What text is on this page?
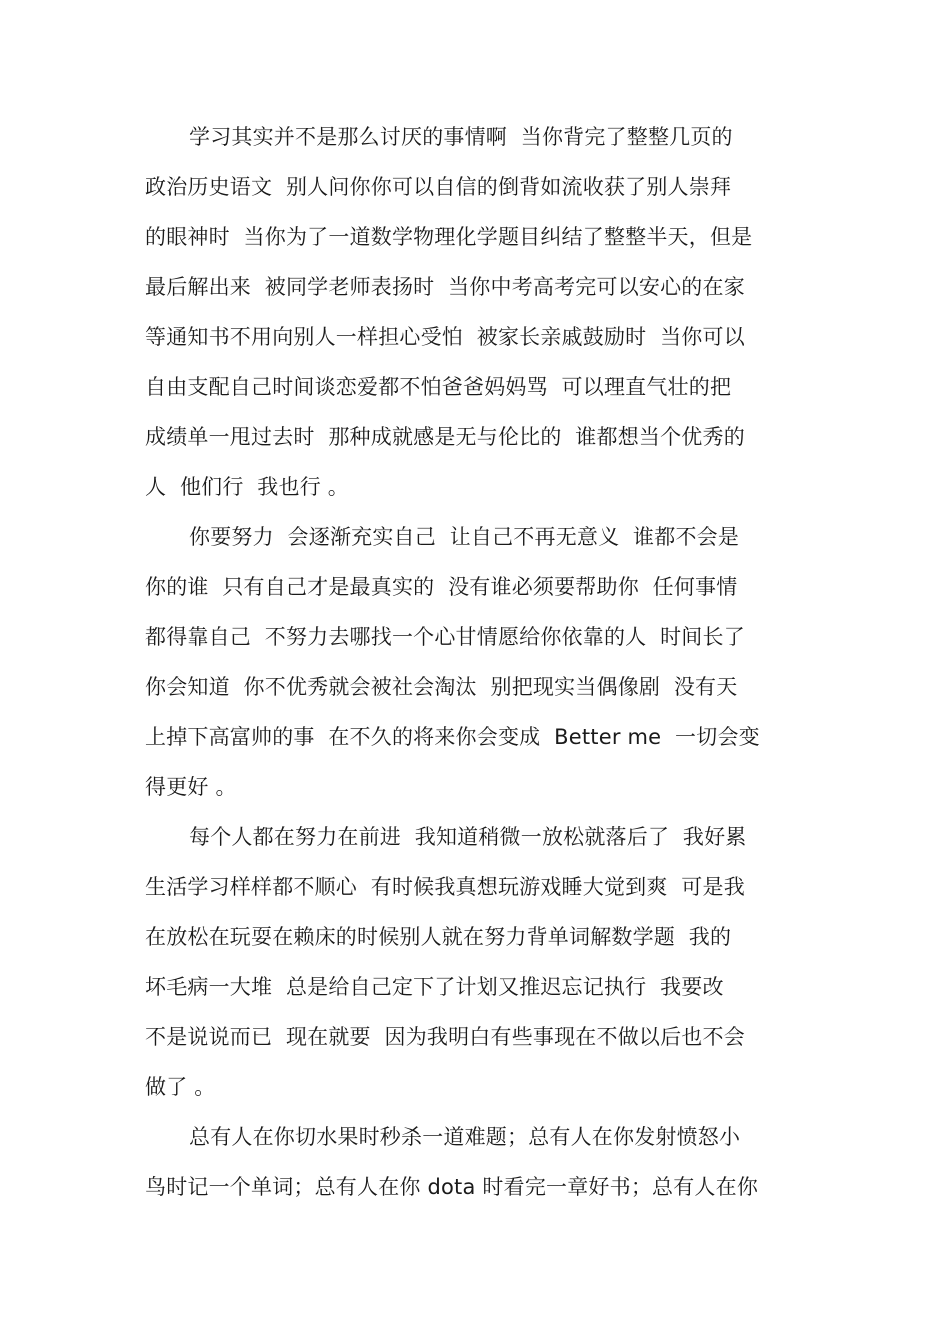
学习其实并不是那么讨厌的事情啊  当你背完了整整几页的
政治历史语文  别人问你你可以自信的倒背如流收获了别人崇拜
的眼神时  当你为了一道数学物理化学题目纠结了整整半天，但是
最后解出来  被同学老师表扬时  当你中考高考完可以安心的在家
等通知书不用向别人一样担心受怕  被家长亲戚鼓励时  当你可以
自由支配自己时间谈恋爱都不怕爸爸妈妈骂  可以理直气壮的把
成绩单一甩过去时  那种成就感是无与伦比的  谁都想当个优秀的
人  他们行  我也行 。
你要努力  会逐渐充实自己  让自己不再无意义  谁都不会是
你的谁  只有自己才是最真实的  没有谁必须要帮助你  任何事情
都得靠自己  不努力去哪找一个心甘情愿给你依靠的人  时间长了
你会知道  你不优秀就会被社会淘汰  别把现实当偶像剧  没有天
上掉下高富帅的事  在不久的将来你会变成  Better me  一切会变
得更好 。
每个人都在努力在前进  我知道稍微一放松就落后了  我好累
生活学习样样都不顺心  有时候我真想玩游戏睡大觉到爽  可是我
在放松在玩耍在赖床的时候别人就在努力背单词解数学题  我的
坏毛病一大堆  总是给自己定下了计划又推迟忘记执行  我要改
不是说说而已  现在就要  因为我明白有些事现在不做以后也不会
做了 。
总有人在你切水果时秒杀一道难题；总有人在你发射愤怒小
鸟时记一个单词；总有人在你 dota 时看完一章好书；总有人在你
